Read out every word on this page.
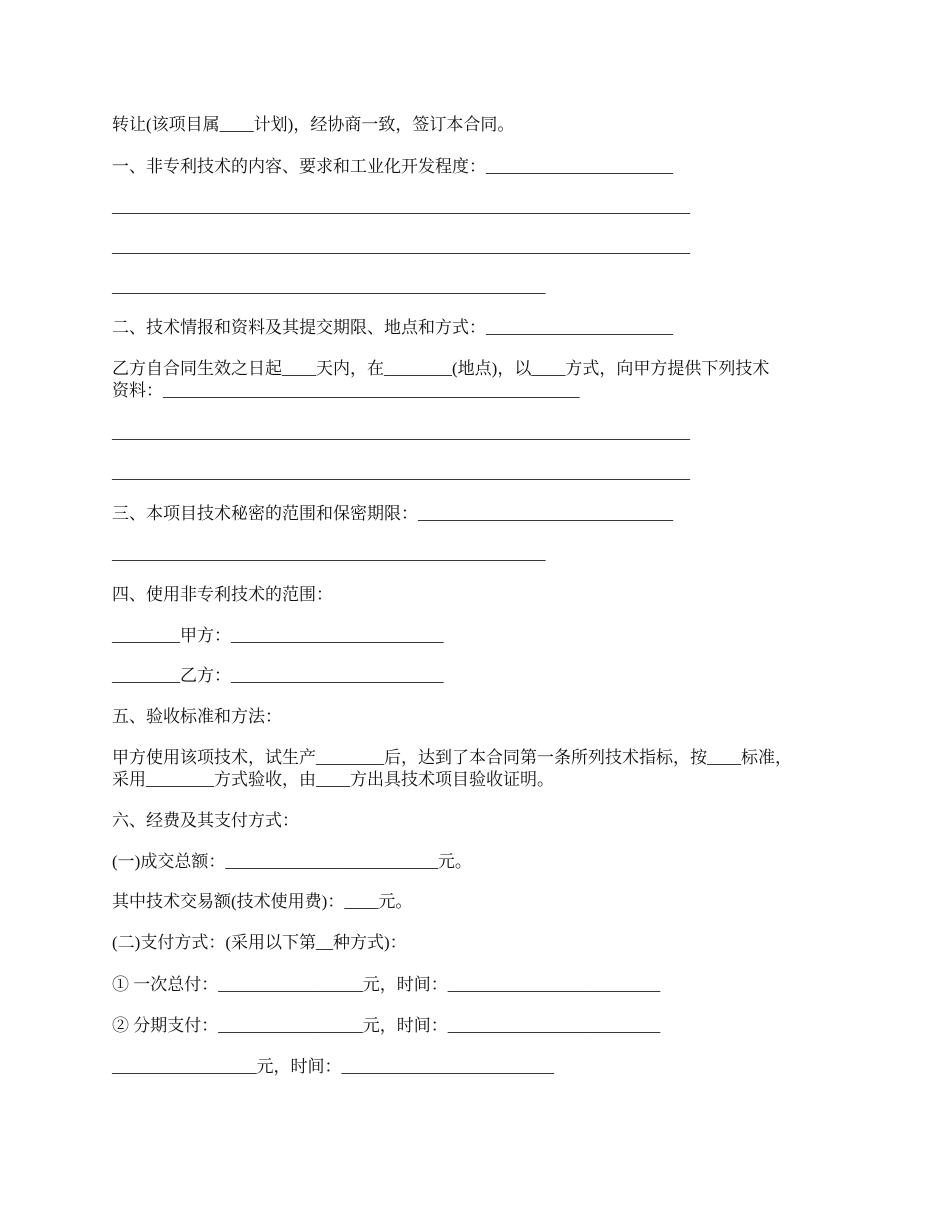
转让(该项目属____计划)，经协商一致，签订本合同。
一、非专利技术的内容、要求和工业化开发程度：______________________
____________________________________________________________________
____________________________________________________________________
___________________________________________________
二、技术情报和资料及其提交期限、地点和方式：______________________
乙方自合同生效之日起____天内，在________(地点)，以____方式，向甲方提供下列技术
资料：_________________________________________________
____________________________________________________________________
____________________________________________________________________
三、本项目技术秘密的范围和保密期限：______________________________
___________________________________________________
四、使用非专利技术的范围：
________甲方：_________________________
________乙方：_________________________
五、验收标准和方法：
甲方使用该项技术，试生产________后，达到了本合同第一条所列技术指标，按____标准，
采用________方式验收，由____方出具技术项目验收证明。
六、经费及其支付方式：
(一)成交总额：_________________________元。
其中技术交易额(技术使用费)：____元。
(二)支付方式：(采用以下第__种方式)：
① 一次总付：_________________元，时间：_________________________
② 分期支付：_________________元，时间：_________________________
_________________元，时间：_________________________
